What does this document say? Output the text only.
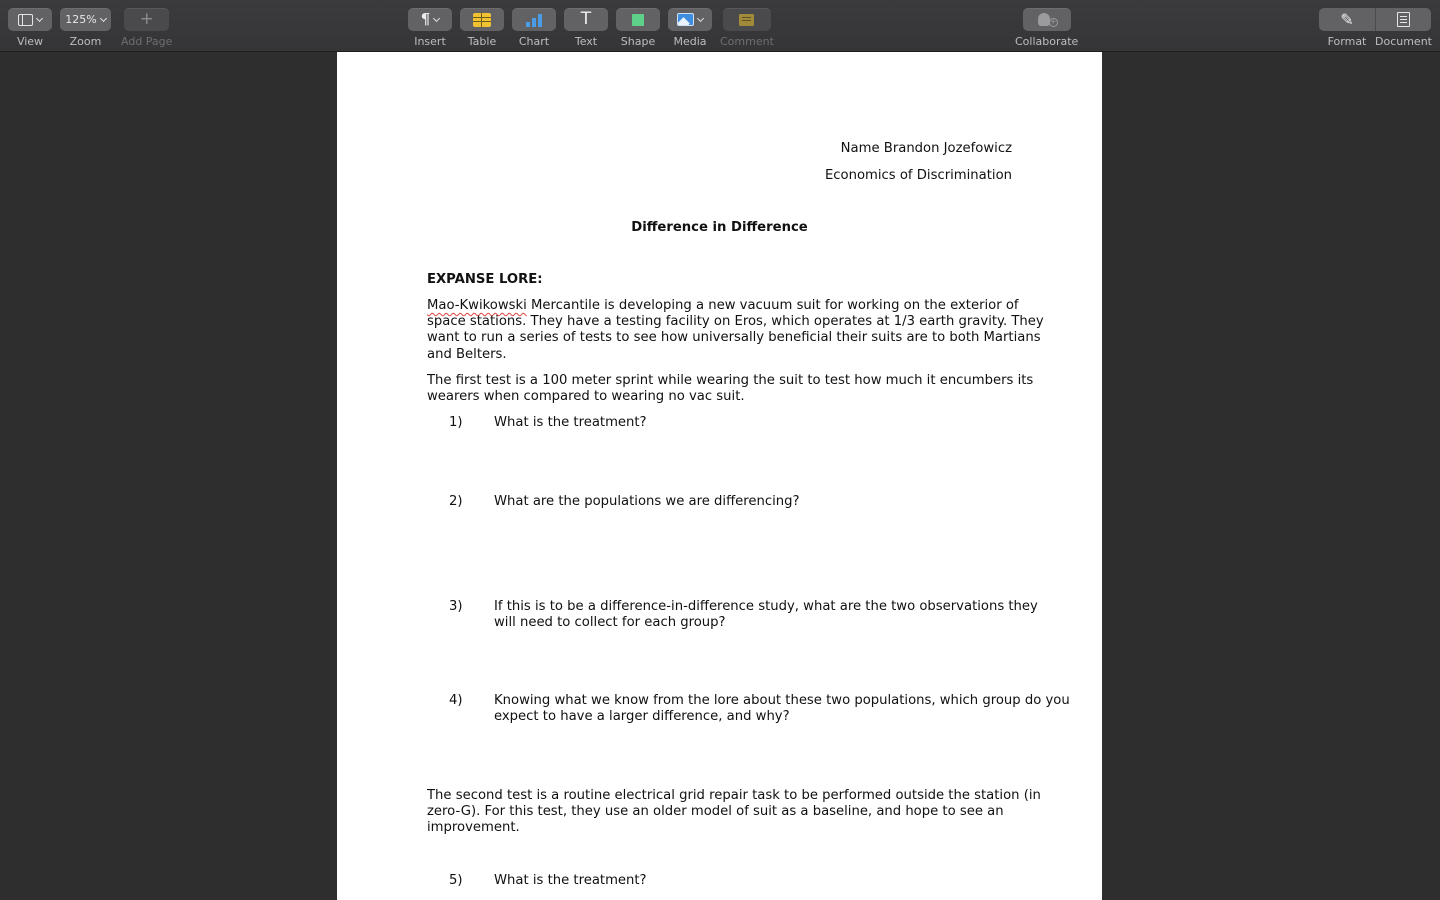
View
125%
Zoom
+
Add Page
¶
Insert Table Chart
T
Text Shape Media Comment
+
Collaborate
✎
Format Document
Name Brandon Jozefowicz
Economics of Discrimination
Difference in Difference
EXPANSE LORE:
Mao-Kwikowski Mercantile is developing a new vacuum suit for working on the exterior of
space stations. They have a testing facility on Eros, which operates at 1/3 earth gravity. They
want to run a series of tests to see how universally beneficial their suits are to both Martians
and Belters.
The first test is a 100 meter sprint while wearing the suit to test how much it encumbers its
wearers when compared to wearing no vac suit.
1) What is the treatment?
2) What are the populations we are differencing?
3) If this is to be a difference-in-difference study, what are the two observations they
will need to collect for each group?
4) Knowing what we know from the lore about these two populations, which group do you
expect to have a larger difference, and why?
The second test is a routine electrical grid repair task to be performed outside the station (in
zero-G). For this test, they use an older model of suit as a baseline, and hope to see an
improvement.
5) What is the treatment?
